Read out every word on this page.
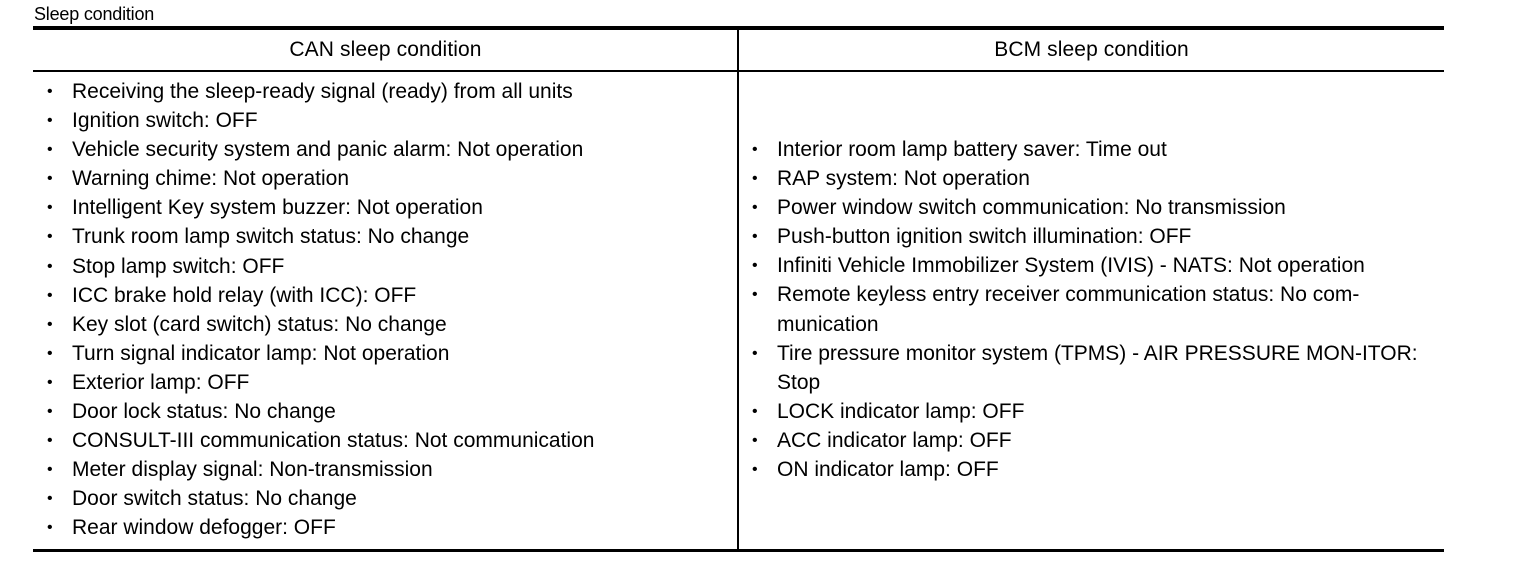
Sleep condition
CAN sleep condition	BCM sleep condition
• Receiving the sleep-ready signal (ready) from all units
• Ignition switch: OFF
• Vehicle security system and panic alarm: Not operation
• Warning chime: Not operation
• Intelligent Key system buzzer: Not operation
• Trunk room lamp switch status: No change
• Stop lamp switch: OFF
• ICC brake hold relay (with ICC): OFF
• Key slot (card switch) status: No change
• Turn signal indicator lamp: Not operation
• Exterior lamp: OFF
• Door lock status: No change
• CONSULT-III communication status: Not communication
• Meter display signal: Non-transmission
• Door switch status: No change
• Rear window defogger: OFF
• Interior room lamp battery saver: Time out
• RAP system: Not operation
• Power window switch communication: No transmission
• Push-button ignition switch illumination: OFF
• Infiniti Vehicle Immobilizer System (IVIS) - NATS: Not operation
• Remote keyless entry receiver communication status: No com-munication
• Tire pressure monitor system (TPMS) - AIR PRESSURE MON-ITOR: Stop
• LOCK indicator lamp: OFF
• ACC indicator lamp: OFF
• ON indicator lamp: OFF
